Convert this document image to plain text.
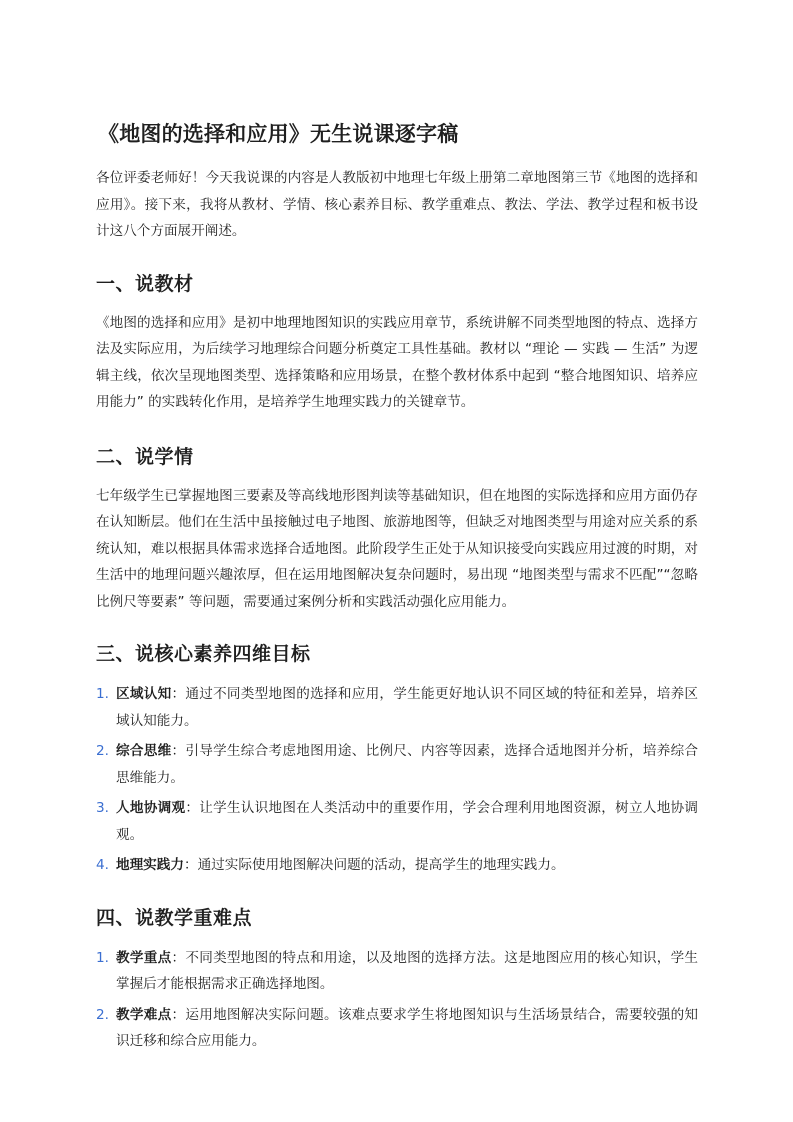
《地图的选择和应用》无生说课逐字稿

各位评委老师好！今天我说课的内容是人教版初中地理七年级上册第二章地图第三节《地图的选择和应用》。接下来，我将从教材、学情、核心素养目标、教学重难点、教法、学法、教学过程和板书设计这八个方面展开阐述。

一、说教材

《地图的选择和应用》是初中地理地图知识的实践应用章节，系统讲解不同类型地图的特点、选择方法及实际应用，为后续学习地理综合问题分析奠定工具性基础。教材以 “理论 — 实践 — 生活” 为逻辑主线，依次呈现地图类型、选择策略和应用场景，在整个教材体系中起到 “整合地图知识、培养应用能力” 的实践转化作用，是培养学生地理实践力的关键章节。

二、说学情

七年级学生已掌握地图三要素及等高线地形图判读等基础知识，但在地图的实际选择和应用方面仍存在认知断层。他们在生活中虽接触过电子地图、旅游地图等，但缺乏对地图类型与用途对应关系的系统认知，难以根据具体需求选择合适地图。此阶段学生正处于从知识接受向实践应用过渡的时期，对生活中的地理问题兴趣浓厚，但在运用地图解决复杂问题时，易出现 “地图类型与需求不匹配”“忽略比例尺等要素” 等问题，需要通过案例分析和实践活动强化应用能力。

三、说核心素养四维目标
1. 区域认知：通过不同类型地图的选择和应用，学生能更好地认识不同区域的特征和差异，培养区域认知能力。
2. 综合思维：引导学生综合考虑地图用途、比例尺、内容等因素，选择合适地图并分析，培养综合思维能力。
3. 人地协调观：让学生认识地图在人类活动中的重要作用，学会合理利用地图资源，树立人地协调观。
4. 地理实践力：通过实际使用地图解决问题的活动，提高学生的地理实践力。
四、说教学重难点
1. 教学重点：不同类型地图的特点和用途，以及地图的选择方法。这是地图应用的核心知识，学生掌握后才能根据需求正确选择地图。
2. 教学难点：运用地图解决实际问题。该难点要求学生将地图知识与生活场景结合，需要较强的知识迁移和综合应用能力。
